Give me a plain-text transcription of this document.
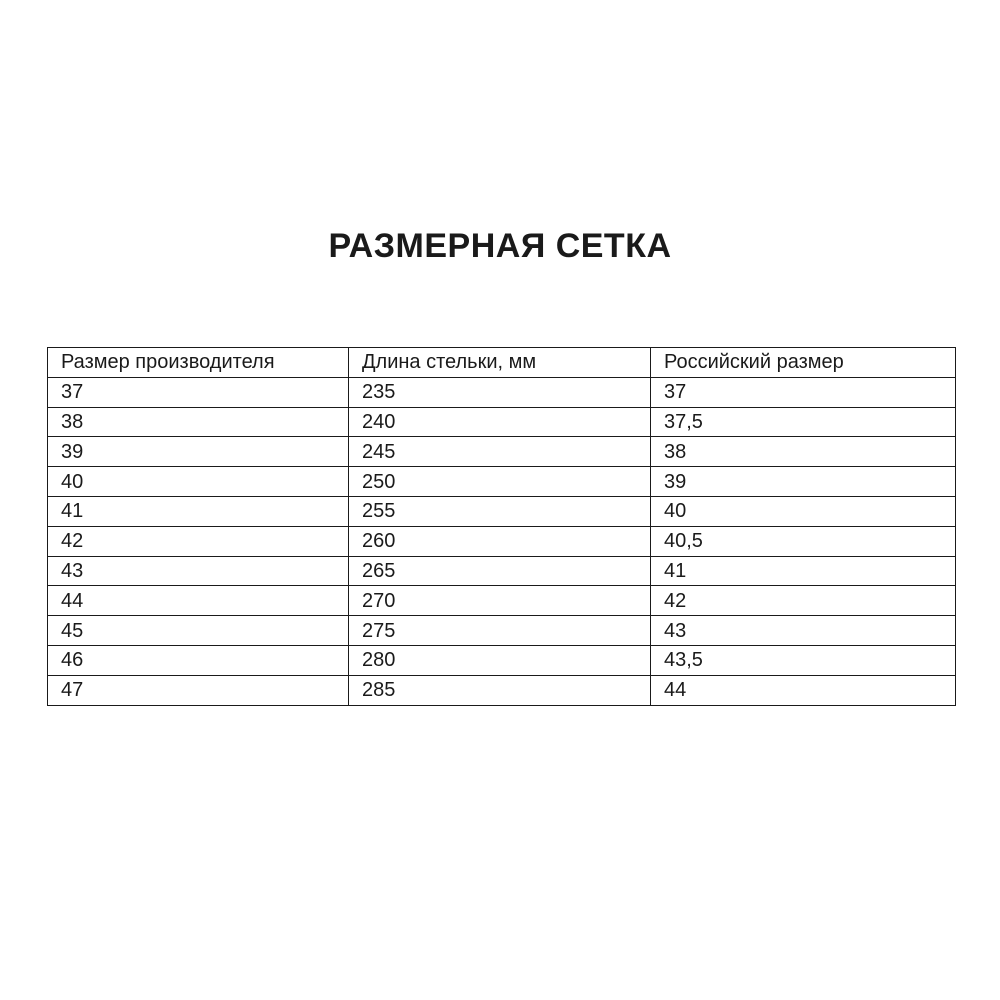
РАЗМЕРНАЯ СЕТКА
Размер производителя	Длина стельки, мм	Российский размер
37	235	37
38	240	37,5
39	245	38
40	250	39
41	255	40
42	260	40,5
43	265	41
44	270	42
45	275	43
46	280	43,5
47	285	44
